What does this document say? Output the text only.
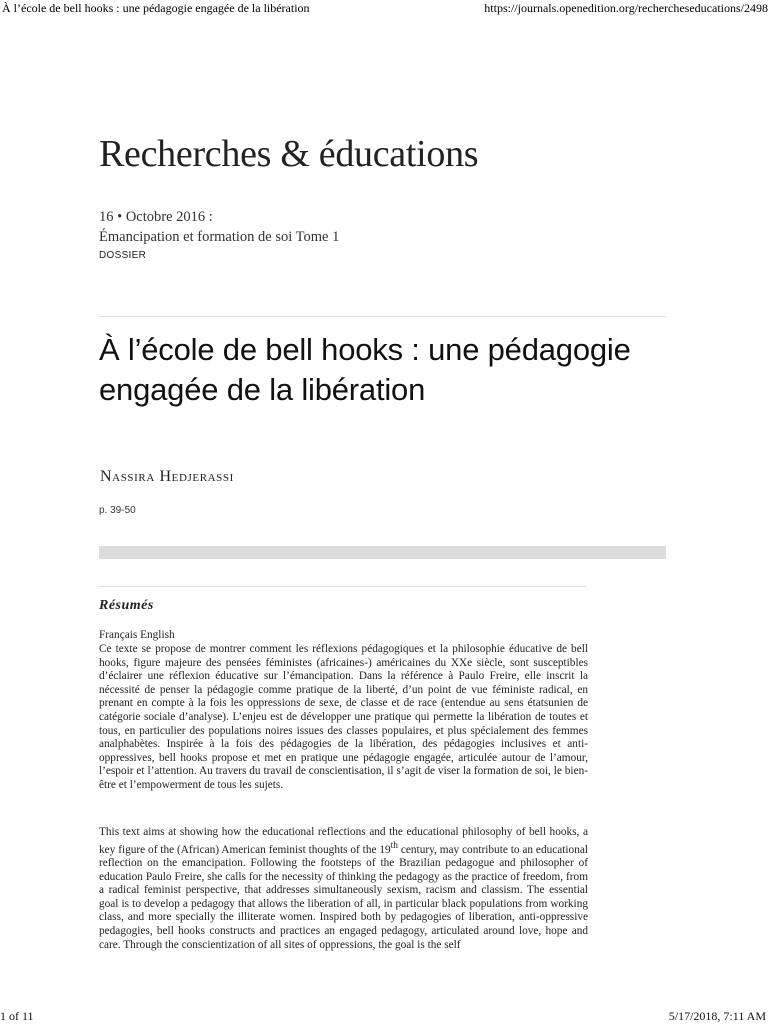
À l’école de bell hooks : une pédagogie engagée de la libération	https://journals.openedition.org/rechercheseducations/2498
Recherches & éducations
16 • Octobre 2016 :
Émancipation et formation de soi Tome 1
DOSSIER
À l’école de bell hooks : une pédagogie engagée de la libération
Nassira Hedjerassi
p. 39-50
Résumés
Français English

Ce texte se propose de montrer comment les réflexions pédagogiques et la philosophie éducative de bell hooks, figure majeure des pensées féministes (africaines-) américaines du XXe siècle, sont susceptibles d’éclairer une réflexion éducative sur l’émancipation. Dans la référence à Paulo Freire, elle inscrit la nécessité de penser la pédagogie comme pratique de la liberté, d’un point de vue féministe radical, en prenant en compte à la fois les oppressions de sexe, de classe et de race (entendue au sens étatsunien de catégorie sociale d’analyse). L’enjeu est de développer une pratique qui permette la libération de toutes et tous, en particulier des populations noires issues des classes populaires, et plus spécialement des femmes analphabètes. Inspirée à la fois des pédagogies de la libération, des pédagogies inclusives et anti-oppressives, bell hooks propose et met en pratique une pédagogie engagée, articulée autour de l’amour, l’espoir et l’attention. Au travers du travail de conscientisation, il s’agit de viser la formation de soi, le bien-être et l’empowerment de tous les sujets.

This text aims at showing how the educational reflections and the educational philosophy of bell hooks, a key figure of the (African) American feminist thoughts of the 19th century, may contribute to an educational reflection on the emancipation. Following the footsteps of the Brazilian pedagogue and philosopher of education Paulo Freire, she calls for the necessity of thinking the pedagogy as the practice of freedom, from a radical feminist perspective, that addresses simultaneously sexism, racism and classism. The essential goal is to develop a pedagogy that allows the liberation of all, in particular black populations from working class, and more specially the illiterate women. Inspired both by pedagogies of liberation, anti-oppressive pedagogies, bell hooks constructs and practices an engaged pedagogy, articulated around love, hope and care. Through the conscientization of all sites of oppressions, the goal is the self

1 of 11	5/17/2018, 7:11 AM
